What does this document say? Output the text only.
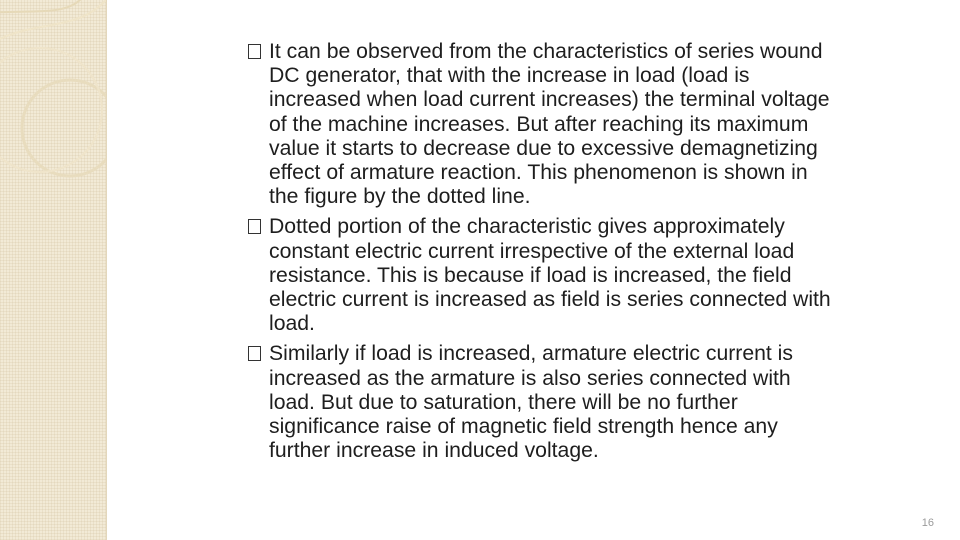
It can be observed from the characteristics of series wound DC generator, that with the increase in load (load is increased when load current increases) the terminal voltage of the machine increases. But after reaching its maximum value it starts to decrease due to excessive demagnetizing effect of armature reaction. This phenomenon is shown in the figure by the dotted line.
Dotted portion of the characteristic gives approximately constant electric current irrespective of the external load resistance. This is because if load is increased, the field electric current is increased as field is series connected with load.
Similarly if load is increased, armature electric current is increased as the armature is also series connected with load. But due to saturation, there will be no further significance raise of magnetic field strength hence any further increase in induced voltage.
16
